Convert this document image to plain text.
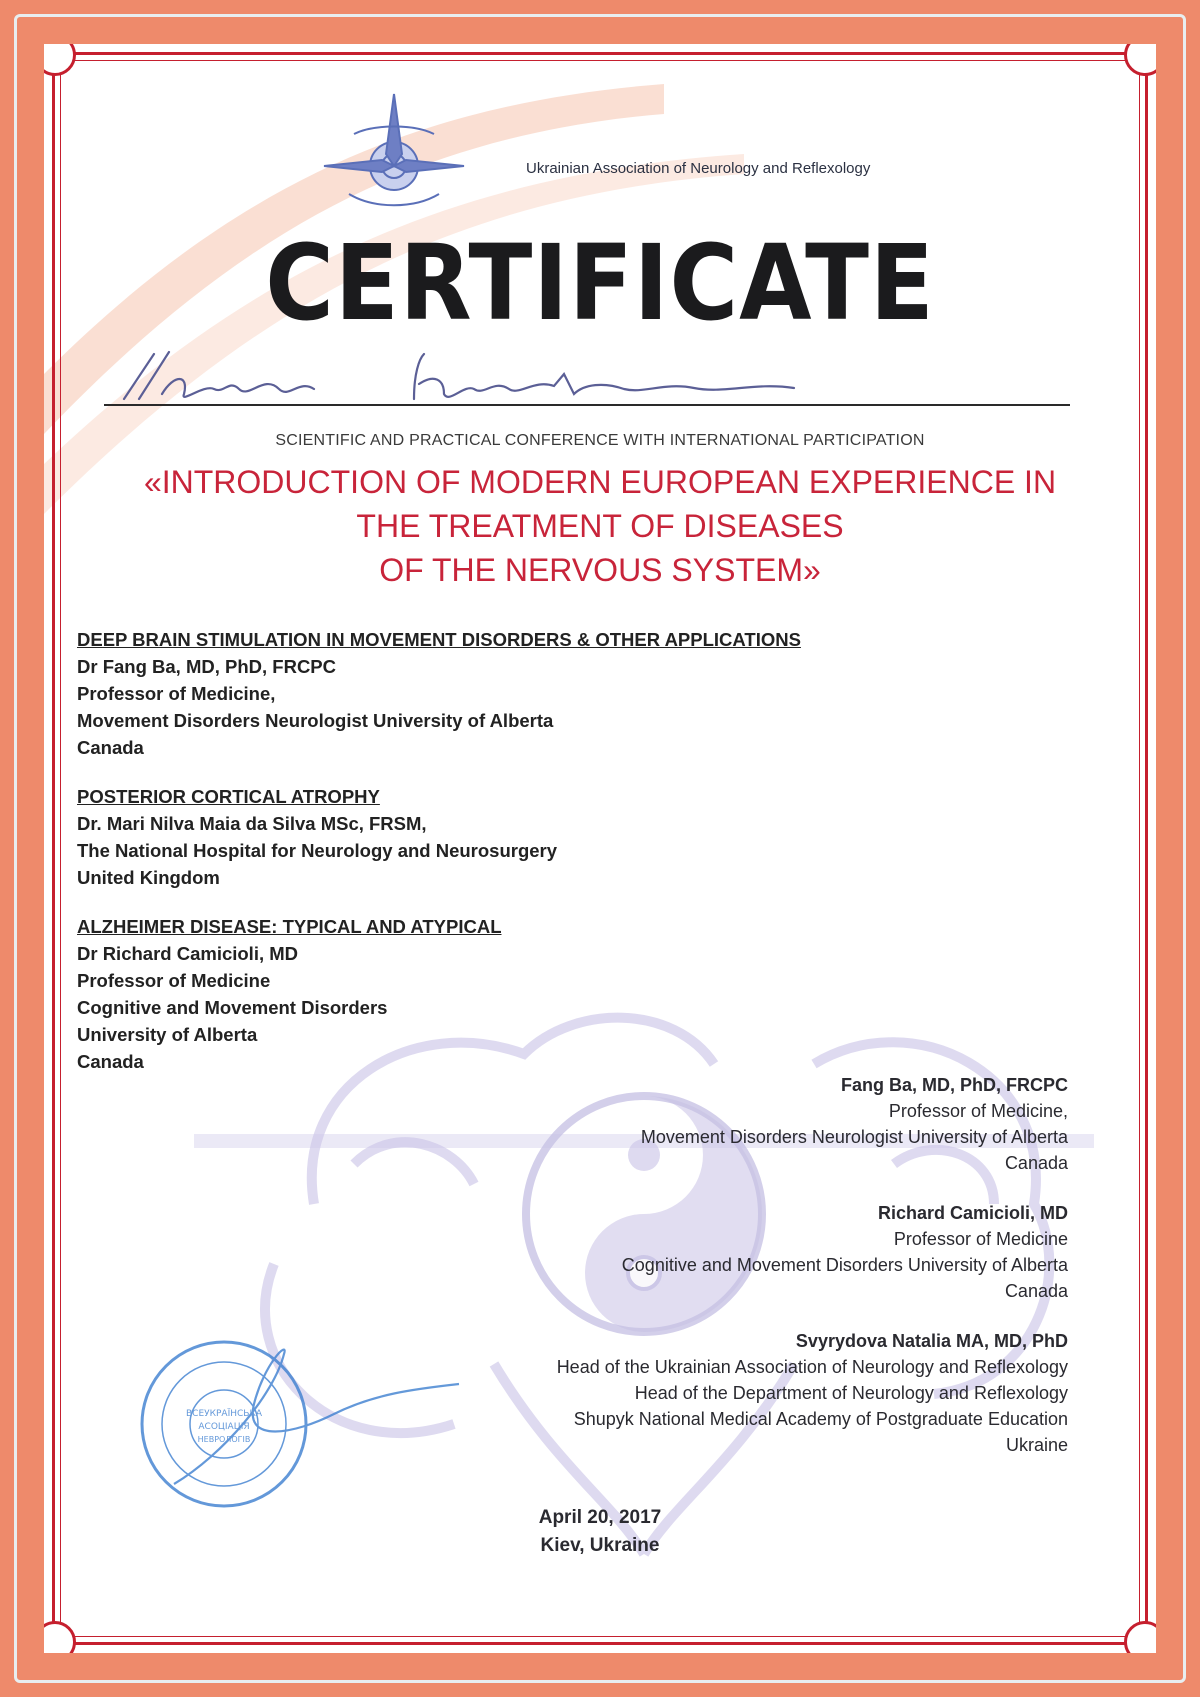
Ukrainian Association of Neurology and Reflexology
CERTIFICATE
SCIENTIFIC AND PRACTICAL CONFERENCE WITH INTERNATIONAL PARTICIPATION
«INTRODUCTION OF MODERN EUROPEAN EXPERIENCE IN
THE TREATMENT OF DISEASES
OF THE NERVOUS SYSTEM»
DEEP BRAIN STIMULATION IN MOVEMENT DISORDERS & OTHER APPLICATIONS
Dr Fang Ba, MD, PhD, FRCPC
Professor of Medicine,
Movement Disorders Neurologist University of Alberta
Canada
POSTERIOR CORTICAL ATROPHY
Dr. Mari Nilva Maia da Silva MSc, FRSM,
The National Hospital for Neurology and Neurosurgery
United Kingdom
ALZHEIMER DISEASE: TYPICAL AND ATYPICAL
Dr Richard Camicioli, MD
Professor of Medicine
Cognitive and Movement Disorders
University of Alberta
Canada
Fang Ba, MD, PhD, FRCPC
Professor of Medicine,
Movement Disorders Neurologist University of Alberta
Canada
Richard Camicioli, MD
Professor of Medicine
Cognitive and Movement Disorders University of Alberta
Canada
Svyrydova Natalia MA, MD, PhD
Head of the Ukrainian Association of Neurology and Reflexology
Head of the Department of Neurology and Reflexology
Shupyk National Medical Academy of Postgraduate Education
Ukraine
ВСЕУКРАЇНСЬКА
АСОЦІАЦІЯ
НЕВРОЛОГІВ
April 20, 2017
Kiev, Ukraine
